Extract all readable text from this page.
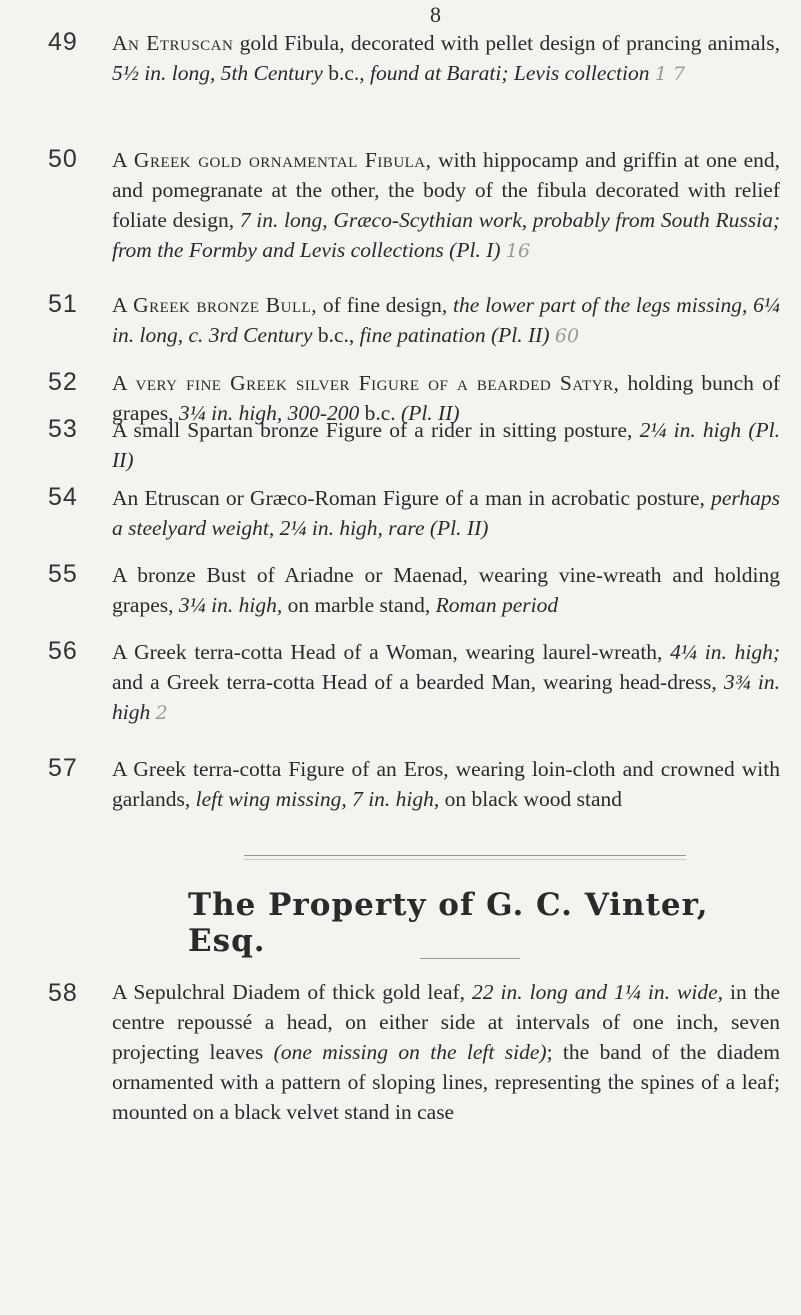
8
49 An Etruscan gold Fibula, decorated with pellet design of prancing animals, 5½ in. long, 5th Century b.c., found at Barati; Levis collection 1 7
50 A Greek gold ornamental Fibula, with hippocamp and griffin at one end, and pomegranate at the other, the body of the fibula decorated with relief foliate design, 7 in. long, Græco-Scythian work, probably from South Russia; from the Formby and Levis collections (Pl. I) 16
51 A Greek bronze Bull, of fine design, the lower part of the legs missing, 6¼ in. long, c. 3rd Century b.c., fine patination (Pl. II) 60
52 A very fine Greek silver Figure of a bearded Satyr, holding bunch of grapes, 3¼ in. high, 300-200 b.c. (Pl. II)
53 A small Spartan bronze Figure of a rider in sitting posture, 2¼ in. high (Pl. II)
54 An Etruscan or Græco-Roman Figure of a man in acrobatic posture, perhaps a steelyard weight, 2¼ in. high, rare (Pl. II)
55 A bronze Bust of Ariadne or Maenad, wearing vine-wreath and holding grapes, 3¼ in. high, on marble stand, Roman period
56 A Greek terra-cotta Head of a Woman, wearing laurel-wreath, 4¼ in. high; and a Greek terra-cotta Head of a bearded Man, wearing head-dress, 3¾ in. high 2
57 A Greek terra-cotta Figure of an Eros, wearing loin-cloth and crowned with garlands, left wing missing, 7 in. high, on black wood stand
The Property of G. C. Vinter, Esq.
58 A Sepulchral Diadem of thick gold leaf, 22 in. long and 1¼ in. wide, in the centre repoussé a head, on either side at intervals of one inch, seven projecting leaves (one missing on the left side); the band of the diadem ornamented with a pattern of sloping lines, representing the spines of a leaf; mounted on a black velvet stand in case
